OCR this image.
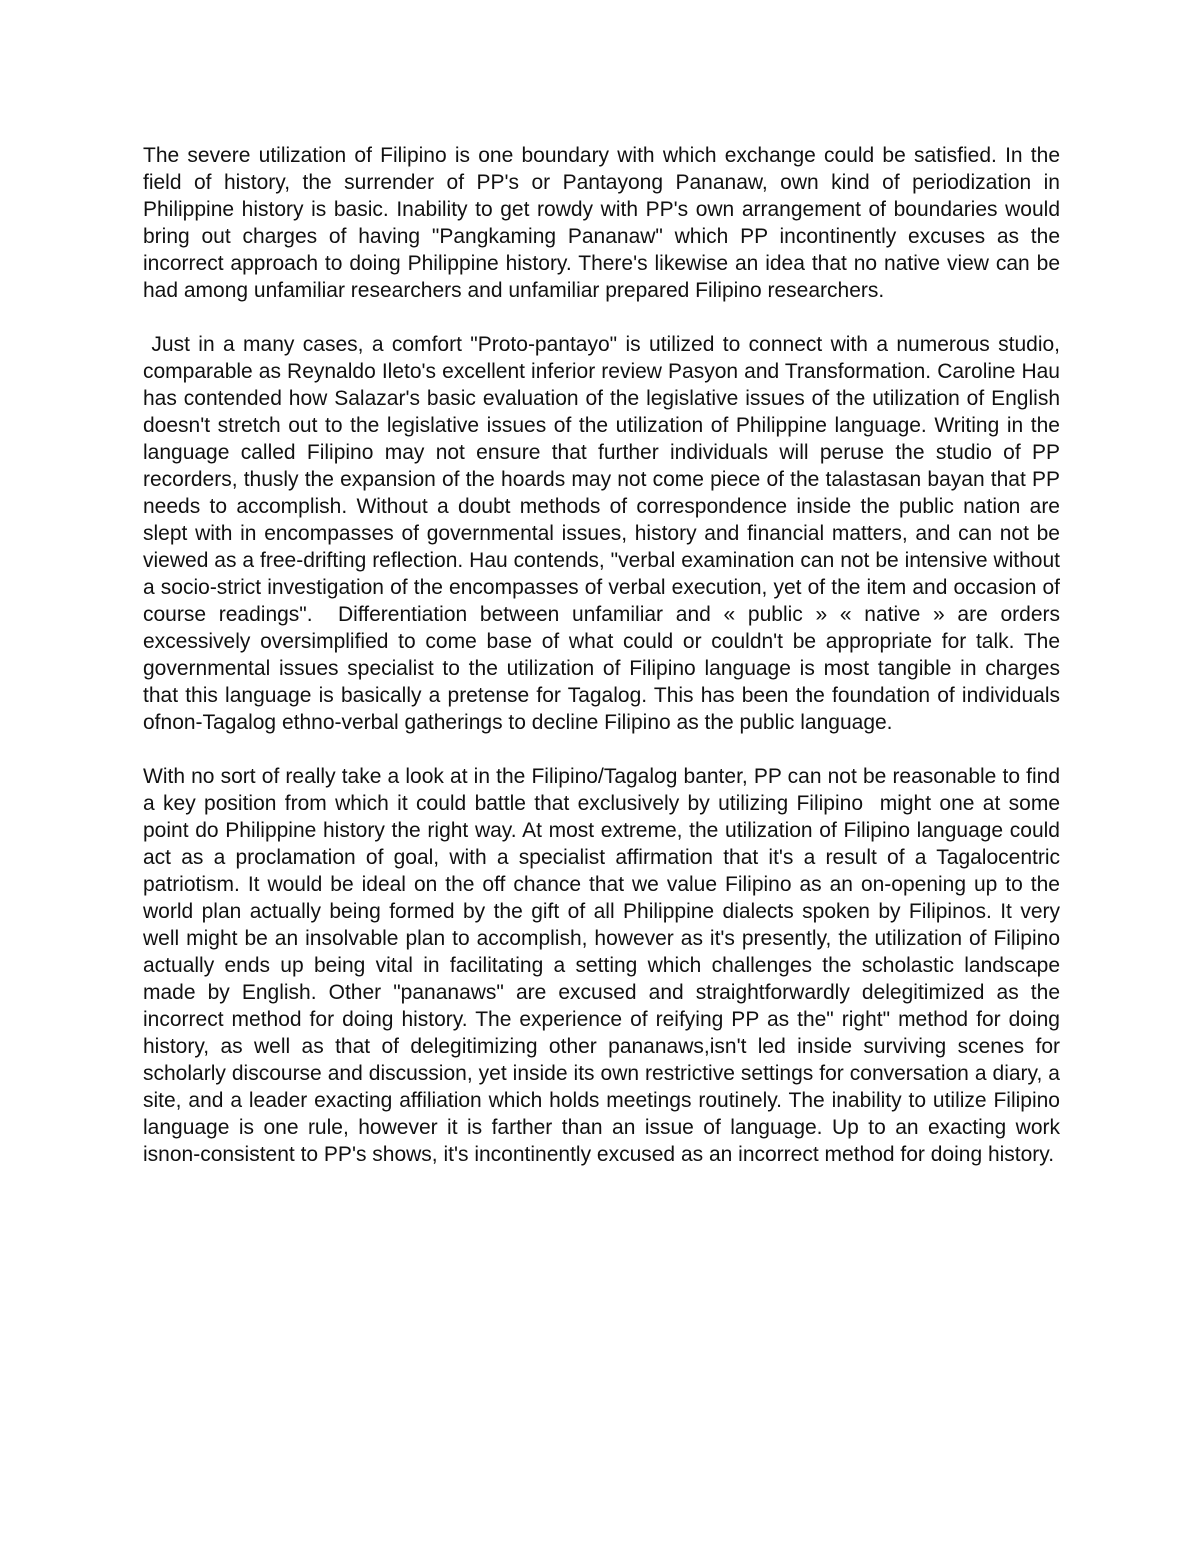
The severe utilization of Filipino is one boundary with which exchange could be satisfied. In the field of history, the surrender of PP's or Pantayong Pananaw, own kind of periodization in Philippine history is basic. Inability to get rowdy with PP's own arrangement of boundaries would bring out charges of having "Pangkaming Pananaw" which PP incontinently excuses as the incorrect approach to doing Philippine history. There's likewise an idea that no native view can be had among unfamiliar researchers and unfamiliar prepared Filipino researchers.

Just in a many cases, a comfort "Proto-pantayo" is utilized to connect with a numerous studio, comparable as Reynaldo Ileto's excellent inferior review Pasyon and Transformation. Caroline Hau has contended how Salazar's basic evaluation of the legislative issues of the utilization of English doesn't stretch out to the legislative issues of the utilization of Philippine language. Writing in the language called Filipino may not ensure that further individuals will peruse the studio of PP recorders, thusly the expansion of the hoards may not come piece of the talastasan bayan that PP needs to accomplish. Without a doubt methods of correspondence inside the public nation are slept with in encompasses of governmental issues, history and financial matters, and can not be viewed as a free-drifting reflection. Hau contends, "verbal examination can not be intensive without a socio-strict investigation of the encompasses of verbal execution, yet of the item and occasion of course readings".  Differentiation between unfamiliar and « public » « native » are orders excessively oversimplified to come base of what could or couldn't be appropriate for talk. The governmental issues specialist to the utilization of Filipino language is most tangible in charges that this language is basically a pretense for Tagalog. This has been the foundation of individuals ofnon-Tagalog ethno-verbal gatherings to decline Filipino as the public language.

With no sort of really take a look at in the Filipino/Tagalog banter, PP can not be reasonable to find a key position from which it could battle that exclusively by utilizing Filipino  might one at some point do Philippine history the right way. At most extreme, the utilization of Filipino language could act as a proclamation of goal, with a specialist affirmation that it's a result of a Tagalocentric patriotism. It would be ideal on the off chance that we value Filipino as an on-opening up to the world plan actually being formed by the gift of all Philippine dialects spoken by Filipinos. It very well might be an insolvable plan to accomplish, however as it's presently, the utilization of Filipino actually ends up being vital in facilitating a setting which challenges the scholastic landscape made by English. Other "pananaws" are excused and straightforwardly delegitimized as the incorrect method for doing history. The experience of reifying PP as the" right" method for doing history, as well as that of delegitimizing other pananaws,isn't led inside surviving scenes for scholarly discourse and discussion, yet inside its own restrictive settings for conversation a diary, a site, and a leader exacting affiliation which holds meetings routinely. The inability to utilize Filipino language is one rule, however it is farther than an issue of language. Up to an exacting work isnon-consistent to PP's shows, it's incontinently excused as an incorrect method for doing history.
